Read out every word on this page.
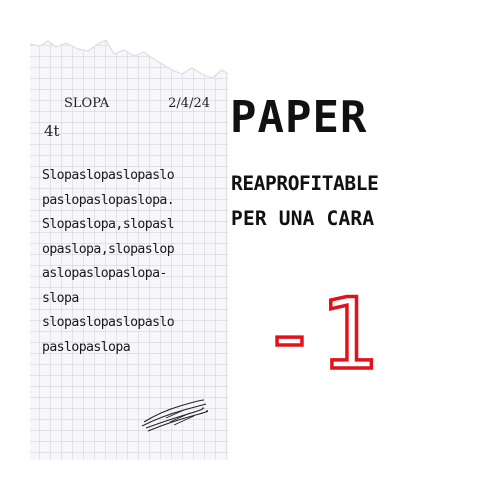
SLOPA	2/4/24
4t
Slopaslopaslopaslo
paslopaslopaslopa.
Slopaslopa,slopasl
opaslopa,slopaslop
aslopaslopaslopa-
slopa
slopaslopaslopaslo
paslopaslopa
PAPER
REAPROFITABLE
PER UNA CARA
-1
